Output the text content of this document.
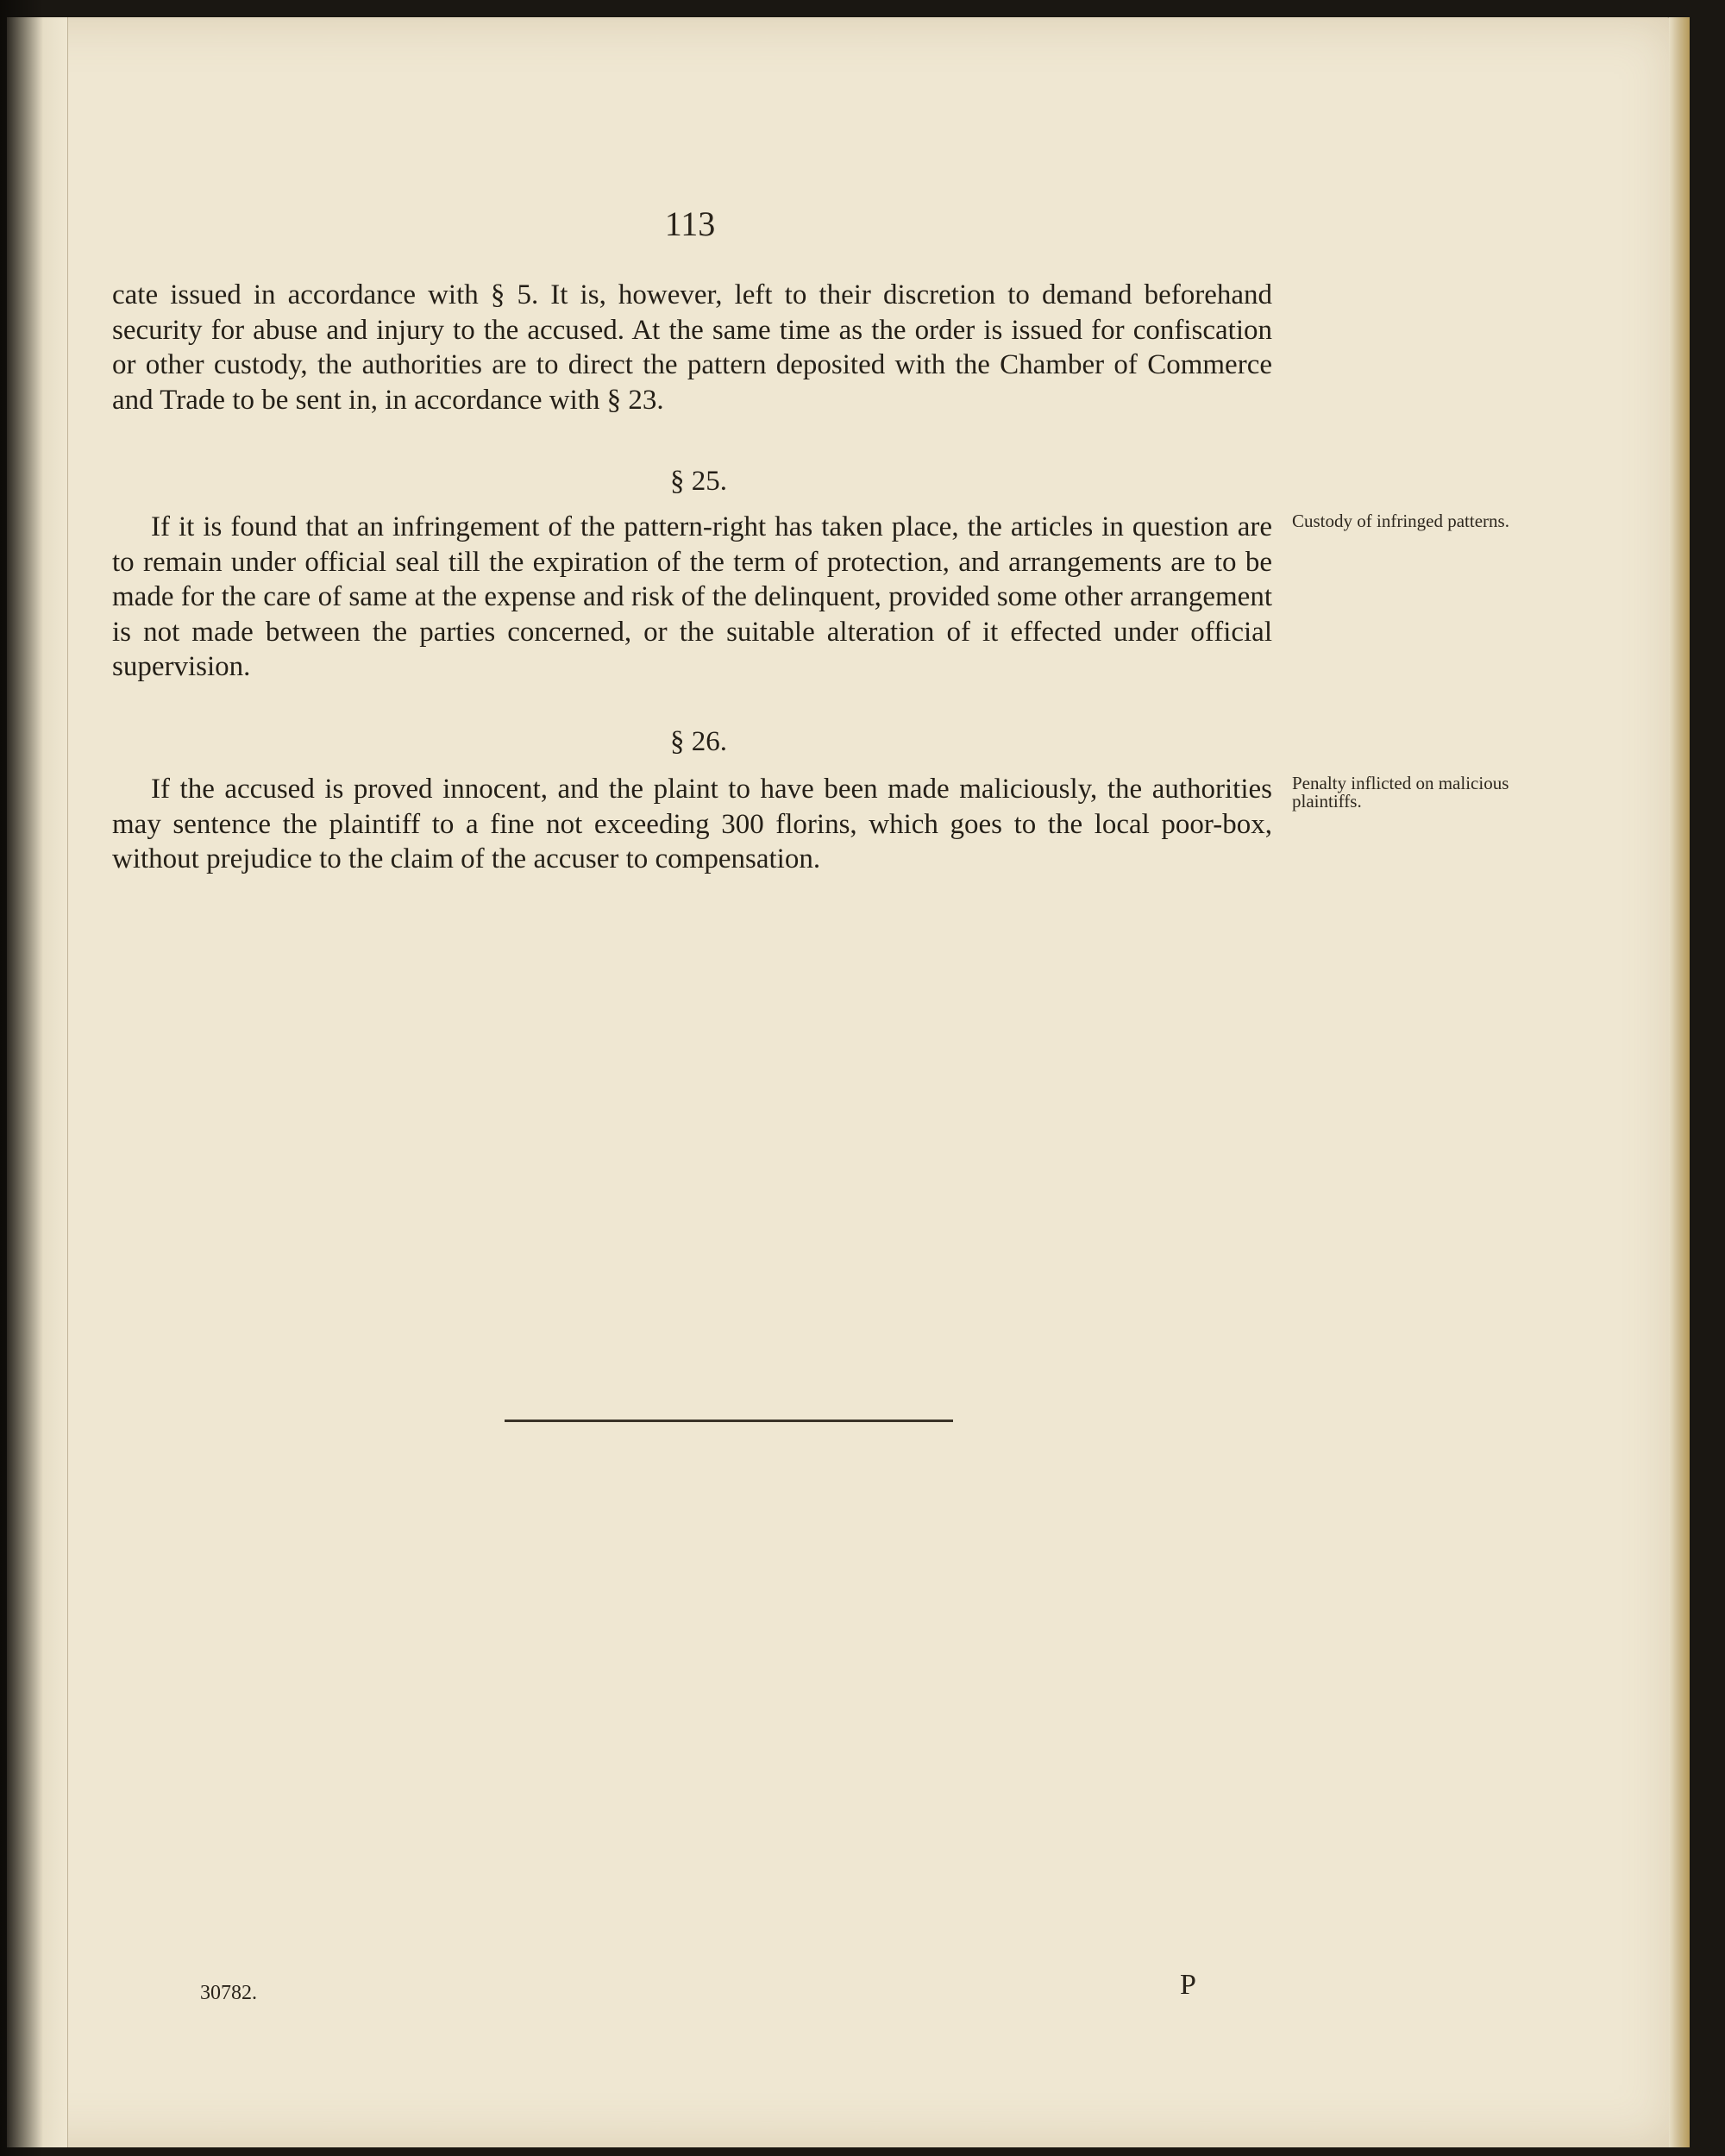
113

cate issued in accordance with § 5. It is, however, left to their discretion to demand beforehand security for abuse and injury to the accused. At the same time as the order is issued for confiscation or other custody, the authorities are to direct the pattern deposited with the Chamber of Commerce and Trade to be sent in, in accordance with § 23.

§ 25.

If it is found that an infringement of the pattern-right has taken place, the articles in question are to remain under official seal till the expiration of the term of protection, and arrangements are to be made for the care of same at the expense and risk of the delinquent, provided some other arrangement is not made between the parties concerned, or the suitable alteration of it effected under official supervision.

Custody of infringed patterns.
§ 26.

If the accused is proved innocent, and the plaint to have been made maliciously, the authorities may sentence the plaintiff to a fine not exceeding 300 florins, which goes to the local poor-box, without prejudice to the claim of the accuser to compensation.

Penalty inflicted on malicious plaintiffs.
30782.	P
